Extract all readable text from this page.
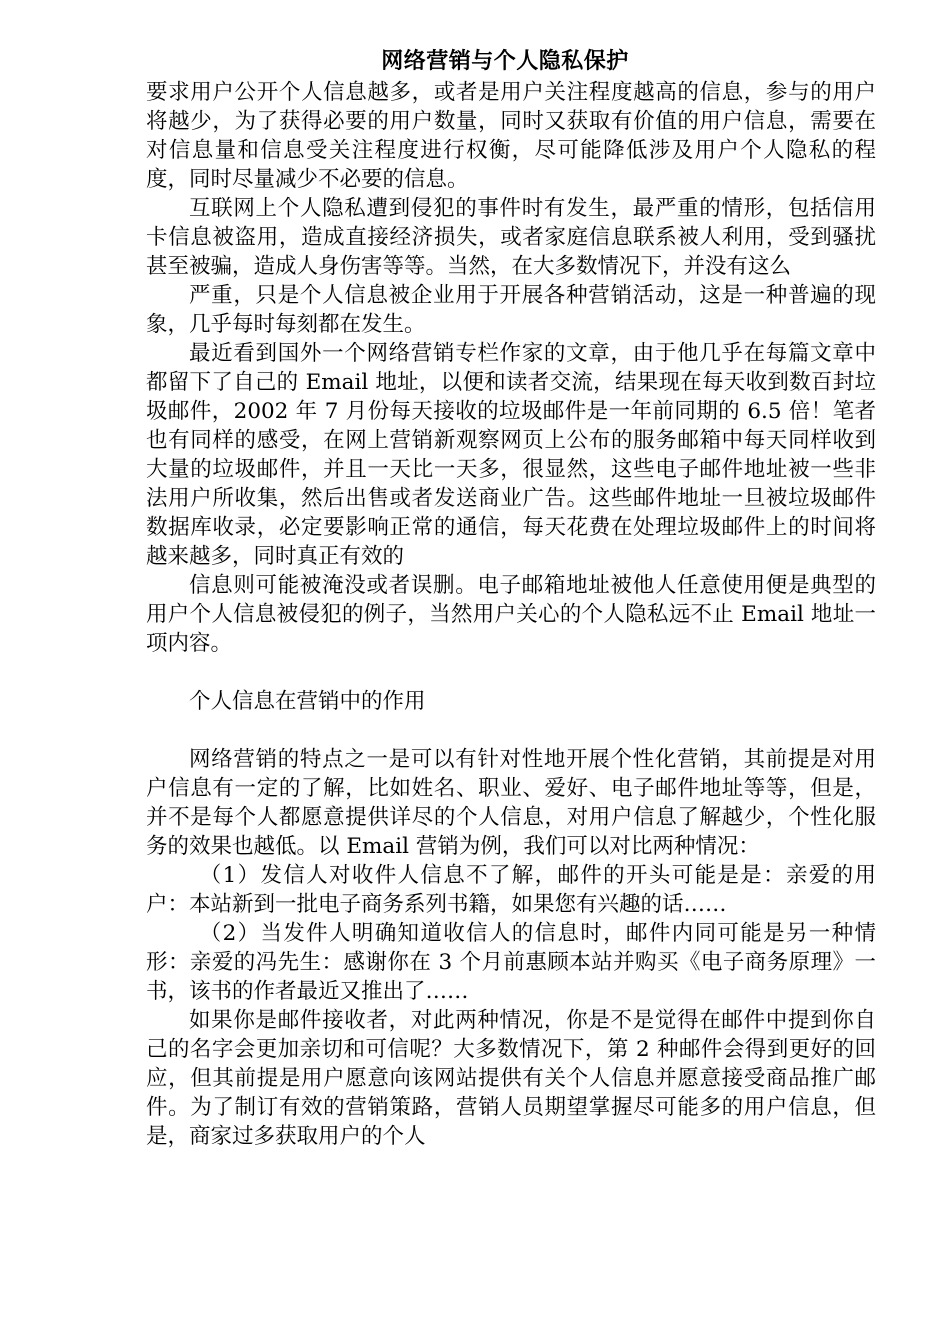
网络营销与个人隐私保护

要求用户公开个人信息越多，或者是用户关注程度越高的信息，参与的用户将越少，为了获得必要的用户数量，同时又获取有价值的用户信息，需要在对信息量和信息受关注程度进行权衡，尽可能降低涉及用户个人隐私的程度，同时尽量减少不必要的信息。

互联网上个人隐私遭到侵犯的事件时有发生，最严重的情形，包括信用卡信息被盗用，造成直接经济损失，或者家庭信息联系被人利用，受到骚扰甚至被骗，造成人身伤害等等。当然，在大多数情况下，并没有这么

严重，只是个人信息被企业用于开展各种营销活动，这是一种普遍的现象，几乎每时每刻都在发生。

最近看到国外一个网络营销专栏作家的文章，由于他几乎在每篇文章中都留下了自己的 Email 地址，以便和读者交流，结果现在每天收到数百封垃圾邮件，2002 年 7 月份每天接收的垃圾邮件是一年前同期的 6.5 倍！笔者也有同样的感受，在网上营销新观察网页上公布的服务邮箱中每天同样收到大量的垃圾邮件，并且一天比一天多，很显然，这些电子邮件地址被一些非法用户所收集，然后出售或者发送商业广告。这些邮件地址一旦被垃圾邮件数据库收录，必定要影响正常的通信，每天花费在处理垃圾邮件上的时间将越来越多，同时真正有效的

信息则可能被淹没或者误删。电子邮箱地址被他人任意使用便是典型的用户个人信息被侵犯的例子，当然用户关心的个人隐私远不止 Email 地址一项内容。

个人信息在营销中的作用

网络营销的特点之一是可以有针对性地开展个性化营销，其前提是对用户信息有一定的了解，比如姓名、职业、爱好、电子邮件地址等等，但是，并不是每个人都愿意提供详尽的个人信息，对用户信息了解越少，个性化服务的效果也越低。以 Email 营销为例，我们可以对比两种情况：

（1）发信人对收件人信息不了解，邮件的开头可能是是：亲爱的用户：本站新到一批电子商务系列书籍，如果您有兴趣的话……

（2）当发件人明确知道收信人的信息时，邮件内同可能是另一种情形：亲爱的冯先生：感谢你在 3 个月前惠顾本站并购买《电子商务原理》一书，该书的作者最近又推出了……

如果你是邮件接收者，对此两种情况，你是不是觉得在邮件中提到你自己的名字会更加亲切和可信呢？大多数情况下，第 2 种邮件会得到更好的回应，但其前提是用户愿意向该网站提供有关个人信息并愿意接受商品推广邮件。为了制订有效的营销策路，营销人员期望掌握尽可能多的用户信息，但是，商家过多获取用户的个人
